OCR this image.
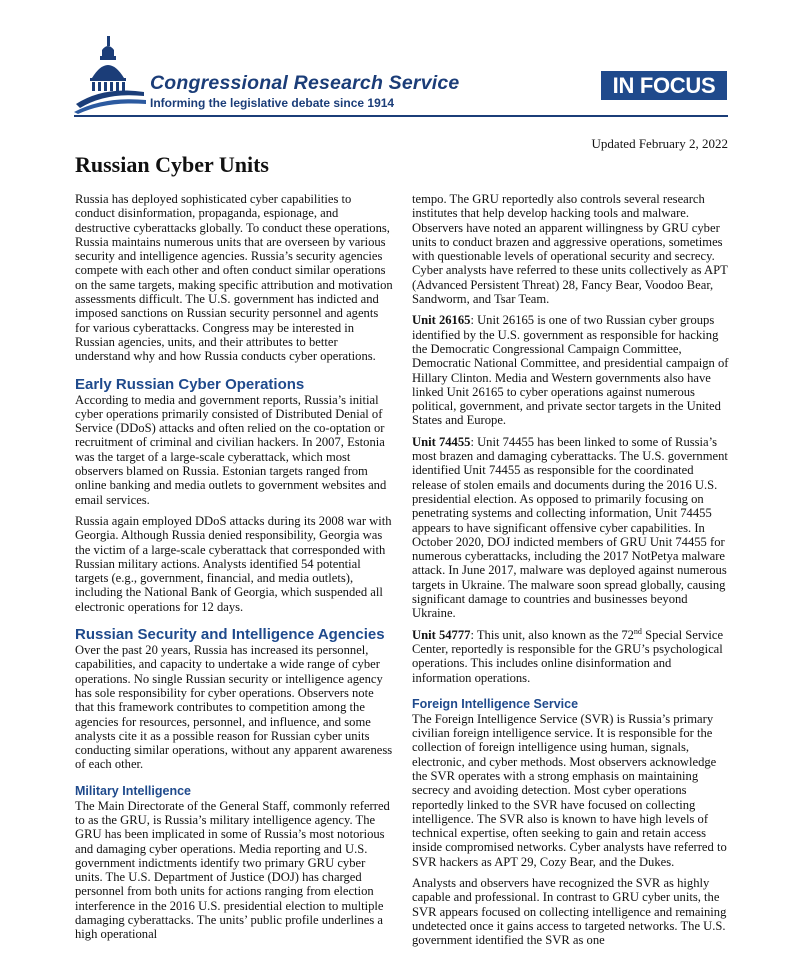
Congressional Research Service
Informing the legislative debate since 1914
IN FOCUS
Updated February 2, 2022
Russian Cyber Units

Russia has deployed sophisticated cyber capabilities to conduct disinformation, propaganda, espionage, and destructive cyberattacks globally. To conduct these operations, Russia maintains numerous units that are overseen by various security and intelligence agencies. Russia’s security agencies compete with each other and often conduct similar operations on the same targets, making specific attribution and motivation assessments difficult. The U.S. government has indicted and imposed sanctions on Russian security personnel and agents for various cyberattacks. Congress may be interested in Russian agencies, units, and their attributes to better understand why and how Russia conducts cyber operations.

Early Russian Cyber Operations

According to media and government reports, Russia’s initial cyber operations primarily consisted of Distributed Denial of Service (DDoS) attacks and often relied on the co-optation or recruitment of criminal and civilian hackers. In 2007, Estonia was the target of a large-scale cyberattack, which most observers blamed on Russia. Estonian targets ranged from online banking and media outlets to government websites and email services.

Russia again employed DDoS attacks during its 2008 war with Georgia. Although Russia denied responsibility, Georgia was the victim of a large-scale cyberattack that corresponded with Russian military actions. Analysts identified 54 potential targets (e.g., government, financial, and media outlets), including the National Bank of Georgia, which suspended all electronic operations for 12 days.

Russian Security and Intelligence Agencies

Over the past 20 years, Russia has increased its personnel, capabilities, and capacity to undertake a wide range of cyber operations. No single Russian security or intelligence agency has sole responsibility for cyber operations. Observers note that this framework contributes to competition among the agencies for resources, personnel, and influence, and some analysts cite it as a possible reason for Russian cyber units conducting similar operations, without any apparent awareness of each other.

Military Intelligence

The Main Directorate of the General Staff, commonly referred to as the GRU, is Russia’s military intelligence agency. The GRU has been implicated in some of Russia’s most notorious and damaging cyber operations. Media reporting and U.S. government indictments identify two primary GRU cyber units. The U.S. Department of Justice (DOJ) has charged personnel from both units for actions ranging from election interference in the 2016 U.S. presidential election to multiple damaging cyberattacks. The units’ public profile underlines a high operational

tempo. The GRU reportedly also controls several research institutes that help develop hacking tools and malware. Observers have noted an apparent willingness by GRU cyber units to conduct brazen and aggressive operations, sometimes with questionable levels of operational security and secrecy. Cyber analysts have referred to these units collectively as APT (Advanced Persistent Threat) 28, Fancy Bear, Voodoo Bear, Sandworm, and Tsar Team.

Unit 26165: Unit 26165 is one of two Russian cyber groups identified by the U.S. government as responsible for hacking the Democratic Congressional Campaign Committee, Democratic National Committee, and presidential campaign of Hillary Clinton. Media and Western governments also have linked Unit 26165 to cyber operations against numerous political, government, and private sector targets in the United States and Europe.

Unit 74455: Unit 74455 has been linked to some of Russia’s most brazen and damaging cyberattacks. The U.S. government identified Unit 74455 as responsible for the coordinated release of stolen emails and documents during the 2016 U.S. presidential election. As opposed to primarily focusing on penetrating systems and collecting information, Unit 74455 appears to have significant offensive cyber capabilities. In October 2020, DOJ indicted members of GRU Unit 74455 for numerous cyberattacks, including the 2017 NotPetya malware attack. In June 2017, malware was deployed against numerous targets in Ukraine. The malware soon spread globally, causing significant damage to countries and businesses beyond Ukraine.

Unit 54777: This unit, also known as the 72nd Special Service Center, reportedly is responsible for the GRU’s psychological operations. This includes online disinformation and information operations.

Foreign Intelligence Service

The Foreign Intelligence Service (SVR) is Russia’s primary civilian foreign intelligence service. It is responsible for the collection of foreign intelligence using human, signals, electronic, and cyber methods. Most observers acknowledge the SVR operates with a strong emphasis on maintaining secrecy and avoiding detection. Most cyber operations reportedly linked to the SVR have focused on collecting intelligence. The SVR also is known to have high levels of technical expertise, often seeking to gain and retain access inside compromised networks. Cyber analysts have referred to SVR hackers as APT 29, Cozy Bear, and the Dukes.

Analysts and observers have recognized the SVR as highly capable and professional. In contrast to GRU cyber units, the SVR appears focused on collecting intelligence and remaining undetected once it gains access to targeted networks. The U.S. government identified the SVR as one
